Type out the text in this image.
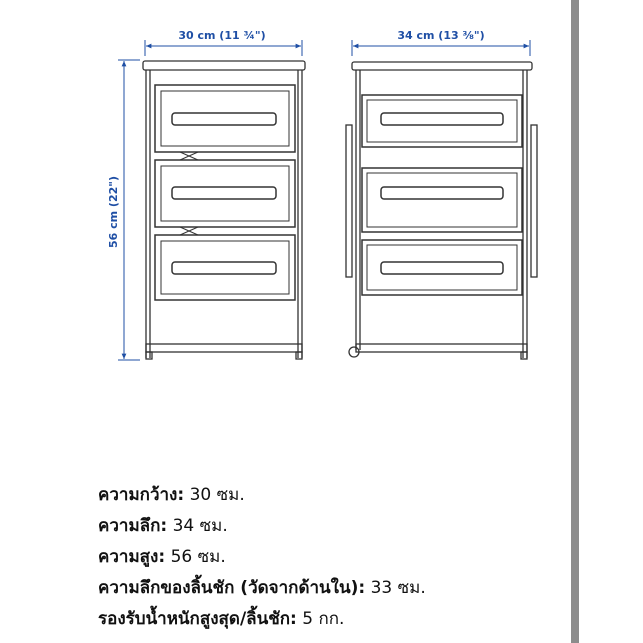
30 cm (11 ¾")	34 cm (13 ⅜")
56 cm (22")
ความกว้าง: 30 ซม.
ความลึก: 34 ซม.
ความสูง: 56 ซม.
ความลึกของลิ้นชัก (วัดจากด้านใน): 33 ซม.
รองรับน้ำหนักสูงสุด/ลิ้นชัก: 5 กก.
